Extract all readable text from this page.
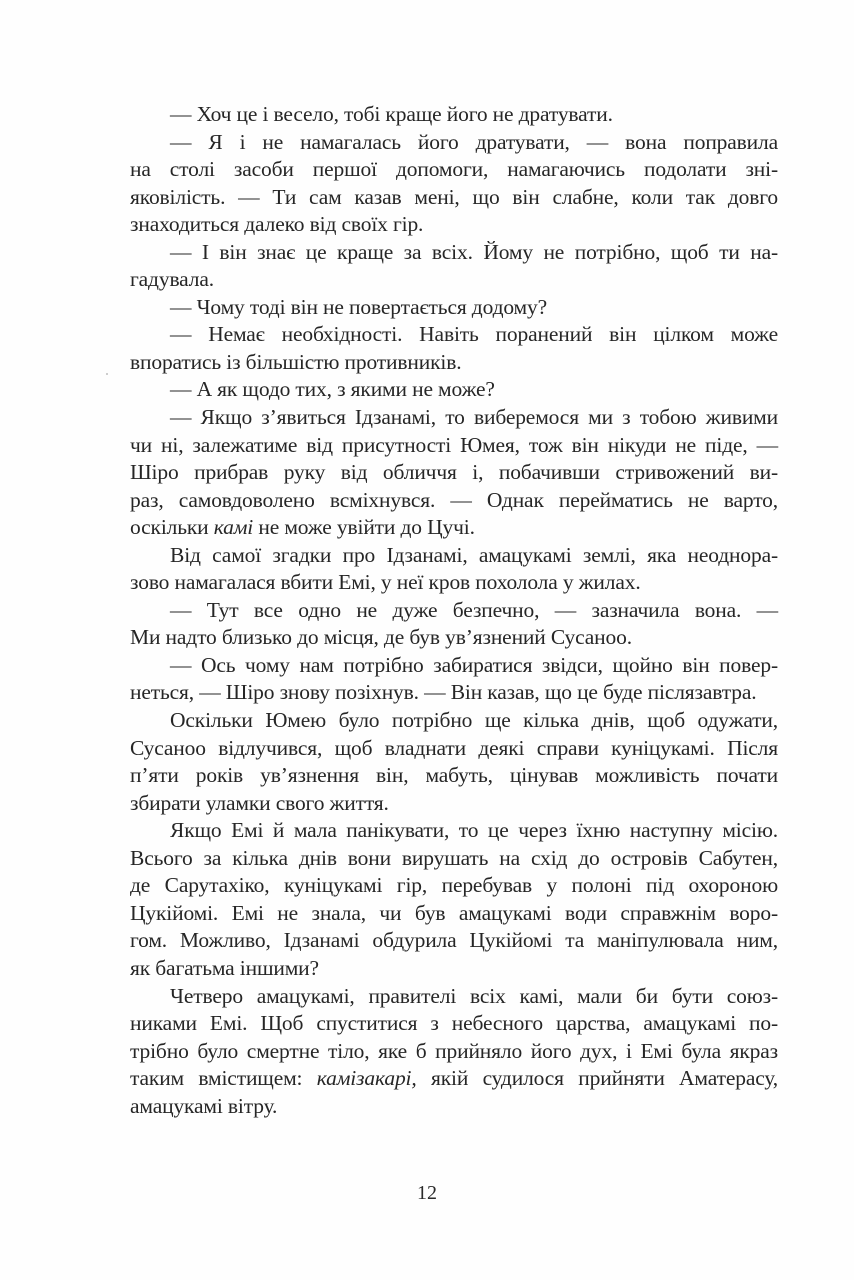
— Хоч це і весело, тобі краще його не дратувати.
— Я і не намагалась його дратувати, — вона поправила
на столі засоби першої допомоги, намагаючись подолати зні-
яковілість. — Ти сам казав мені, що він слабне, коли так довго
знаходиться далеко від своїх гір.
— І він знає це краще за всіх. Йому не потрібно, щоб ти на-
гадувала.
— Чому тоді він не повертається додому?
— Немає необхідності. Навіть поранений він цілком може
впоратись із більшістю противників.
— А як щодо тих, з якими не може?
— Якщо з’явиться Ідзанамі, то виберемося ми з тобою живими
чи ні, залежатиме від присутності Юмея, тож він нікуди не піде, —
Шіро прибрав руку від обличчя і, побачивши стривожений ви-
раз, самовдоволено всміхнувся. — Однак перейматись не варто,
оскільки камі не може увійти до Цучі.
Від самої згадки про Ідзанамі, амацукамі землі, яка неоднора-
зово намагалася вбити Емі, у неї кров похолола у жилах.
— Тут все одно не дуже безпечно, — зазначила вона. —
Ми надто близько до місця, де був ув’язнений Сусаноо.
— Ось чому нам потрібно забиратися звідси, щойно він повер-
неться, — Шіро знову позіхнув. — Він казав, що це буде післязавтра.
Оскільки Юмею було потрібно ще кілька днів, щоб одужати,
Сусаноо відлучився, щоб владнати деякі справи куніцукамі. Після
п’яти років ув’язнення він, мабуть, цінував можливість почати
збирати уламки свого життя.
Якщо Емі й мала панікувати, то це через їхню наступну місію.
Всього за кілька днів вони вирушать на схід до островів Сабутен,
де Сарутахіко, куніцукамі гір, перебував у полоні під охороною
Цукійомі. Емі не знала, чи був амацукамі води справжнім воро-
гом. Можливо, Ідзанамі обдурила Цукійомі та маніпулювала ним,
як багатьма іншими?
Четверо амацукамі, правителі всіх камі, мали би бути союз-
никами Емі. Щоб спуститися з небесного царства, амацукамі по-
трібно було смертне тіло, яке б прийняло його дух, і Емі була якраз
таким вмістищем: камізакарі, якій судилося прийняти Аматерасу,
амацукамі вітру.
12
